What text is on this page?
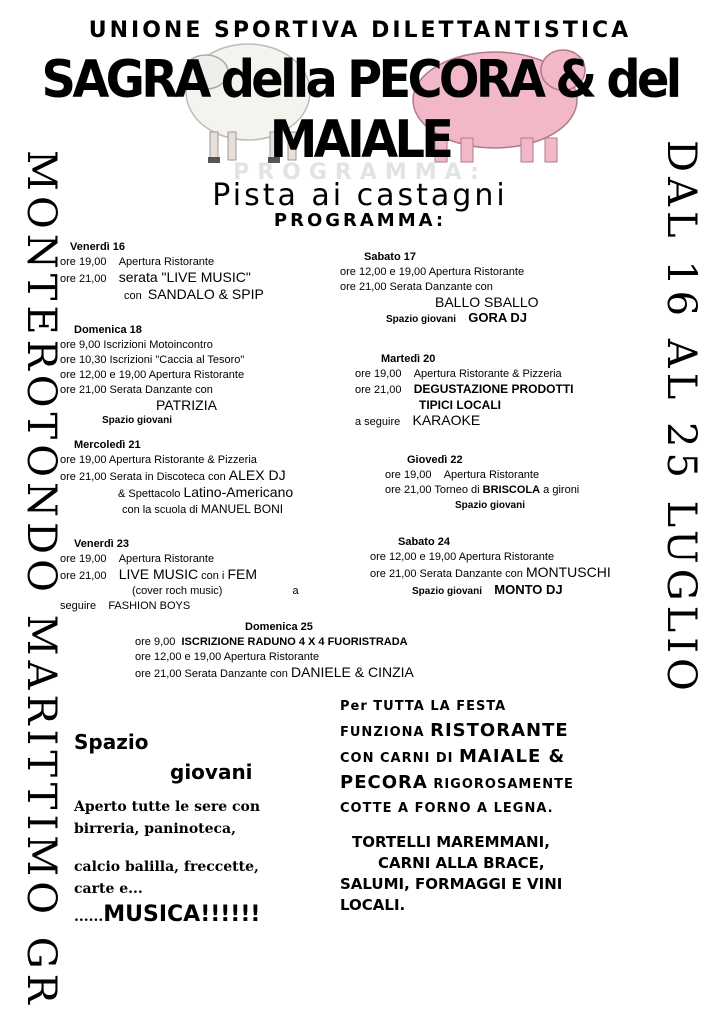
UNIONE SPORTIVA DILETTANTISTICA
SAGRA della PECORA & del MAIALE
PROGRAMMA:
Pista ai castagni
PROGRAMMA:
MONTEROTONDO MARITTIMO GR	DAL 16 AL 25 LUGLIO
Venerdì 16
ore 19,00 Apertura Ristorante
ore 21,00 serata "LIVE MUSIC"
con SANDALO & SPIP
Sabato 17
ore 12,00 e 19,00 Apertura Ristorante
ore 21,00 Serata Danzante con
BALLO SBALLO
Spazio giovani GORA DJ
Domenica 18
ore 9,00 Iscrizioni Motoincontro
ore 10,30 Iscrizioni "Caccia al Tesoro"
ore 12,00 e 19,00 Apertura Ristorante
ore 21,00 Serata Danzante con
PATRIZIA
Spazio giovani
Martedì 20
ore 19,00 Apertura Ristorante & Pizzeria
ore 21,00 DEGUSTAZIONE PRODOTTI
TIPICI LOCALI
a seguire KARAOKE
Mercoledì 21
ore 19,00 Apertura Ristorante & Pizzeria
ore 21,00 Serata in Discoteca con ALEX DJ
& Spettacolo Latino-Americano
con la scuola di MANUEL BONI
Giovedì 22
ore 19,00 Apertura Ristorante
ore 21,00 Torneo di BRISCOLA a gironi
Spazio giovani
Venerdì 23
ore 19,00 Apertura Ristorante
ore 21,00 LIVE MUSIC con i FEM
(cover roch music)	a
seguire FASHION BOYS
Sabato 24
ore 12,00 e 19,00 Apertura Ristorante
ore 21,00 Serata Danzante con MONTUSCHI
Spazio giovani MONTO DJ
Domenica 25
ore 9,00 ISCRIZIONE RADUNO 4 X 4 FUORISTRADA
ore 12,00 e 19,00 Apertura Ristorante
ore 21,00 Serata Danzante con DANIELE & CINZIA
Spazio
giovani
Aperto tutte le sere con
birreria, paninoteca,
calcio balilla, freccette,
carte e...
......MUSICA!!!!!!
Per TUTTA LA FESTA
FUNZIONA RISTORANTE
CON CARNI DI MAIALE &
PECORA RIGOROSAMENTE
COTTE A FORNO A LEGNA.
TORTELLI MAREMMANI,
CARNI ALLA BRACE,
SALUMI, FORMAGGI E VINI
LOCALI.
